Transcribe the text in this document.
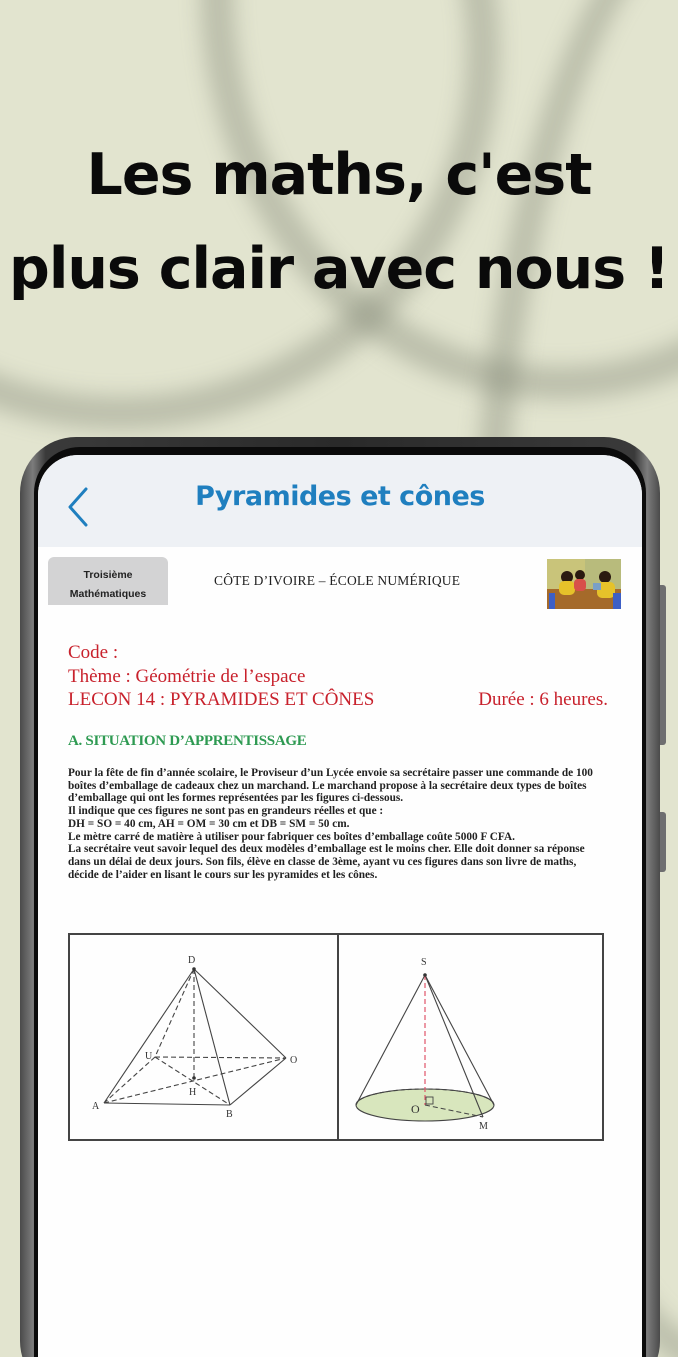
Les maths, c'est
plus clair avec nous !
Pyramides et cônes
Troisième
Mathématiques
CÔTE D’IVOIRE – ÉCOLE NUMÉRIQUE
Code :
Thème : Géométrie de l’espace
LECON 14 : PYRAMIDES ET CÔNES	Durée : 6 heures.
A. SITUATION D’APPRENTISSAGE

Pour la fête de fin d’année scolaire, le Proviseur d’un Lycée envoie sa secrétaire passer une commande de 100 boîtes d’emballage de cadeaux chez un marchand. Le marchand propose à la secrétaire deux types de boîtes d’emballage qui ont les formes représentées par les figures ci-dessous.

Il indique que ces figures ne sont pas en grandeurs réelles et que :

DH = SO = 40 cm, AH = OM = 30 cm et DB = SM = 50 cm.

Le mètre carré de matière à utiliser pour fabriquer ces boîtes d’emballage coûte 5000 F CFA.

La secrétaire veut savoir lequel des deux modèles d’emballage est le moins cher. Elle doit donner sa réponse dans un délai de deux jours. Son fils, élève en classe de 3ème, ayant vu ces figures dans son livre de maths, décide de l’aider en lisant le cours sur les pyramides et les cônes.

D
A
B
U	O
H
S
O
M
